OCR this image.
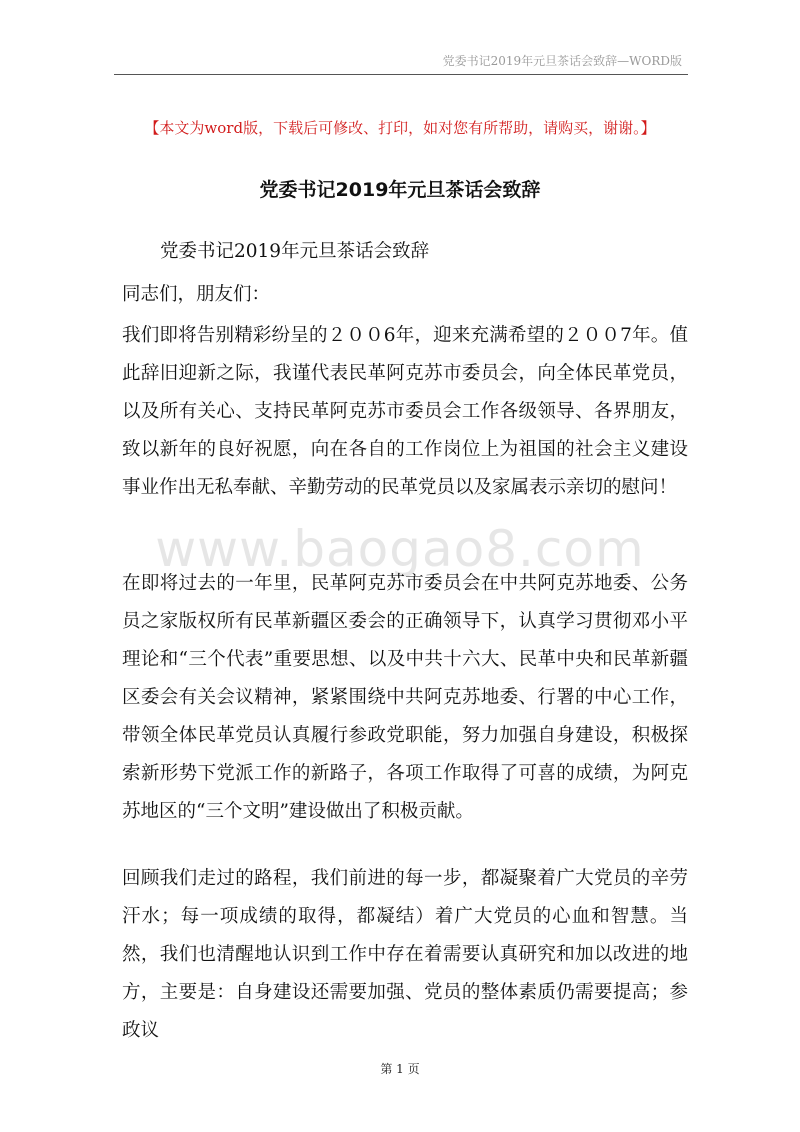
党委书记2019年元旦茶话会致辞—WORD版
【本文为word版，下载后可修改、打印，如对您有所帮助，请购买，谢谢。】
党委书记2019年元旦茶话会致辞
党委书记2019年元旦茶话会致辞
同志们，朋友们：

我们即将告别精彩纷呈的２００6年，迎来充满希望的２００7年。值此辞旧迎新之际，我谨代表民革阿克苏市委员会，向全体民革党员，以及所有关心、支持民革阿克苏市委员会工作各级领导、各界朋友，致以新年的良好祝愿，向在各自的工作岗位上为祖国的社会主义建设事业作出无私奉献、辛勤劳动的民革党员以及家属表示亲切的慰问！

www.baogao8.com

在即将过去的一年里，民革阿克苏市委员会在中共阿克苏地委、公务员之家版权所有民革新疆区委会的正确领导下，认真学习贯彻邓小平理论和“三个代表”重要思想、以及中共十六大、民革中央和民革新疆区委会有关会议精神，紧紧围绕中共阿克苏地委、行署的中心工作，带领全体民革党员认真履行参政党职能，努力加强自身建设，积极探索新形势下党派工作的新路子，各项工作取得了可喜的成绩，为阿克苏地区的“三个文明”建设做出了积极贡献。

回顾我们走过的路程，我们前进的每一步，都凝聚着广大党员的辛劳汗水；每一项成绩的取得，都凝结）着广大党员的心血和智慧。当然，我们也清醒地认识到工作中存在着需要认真研究和加以改进的地方，主要是：自身建设还需要加强、党员的整体素质仍需要提高；参政议

第 1 页
